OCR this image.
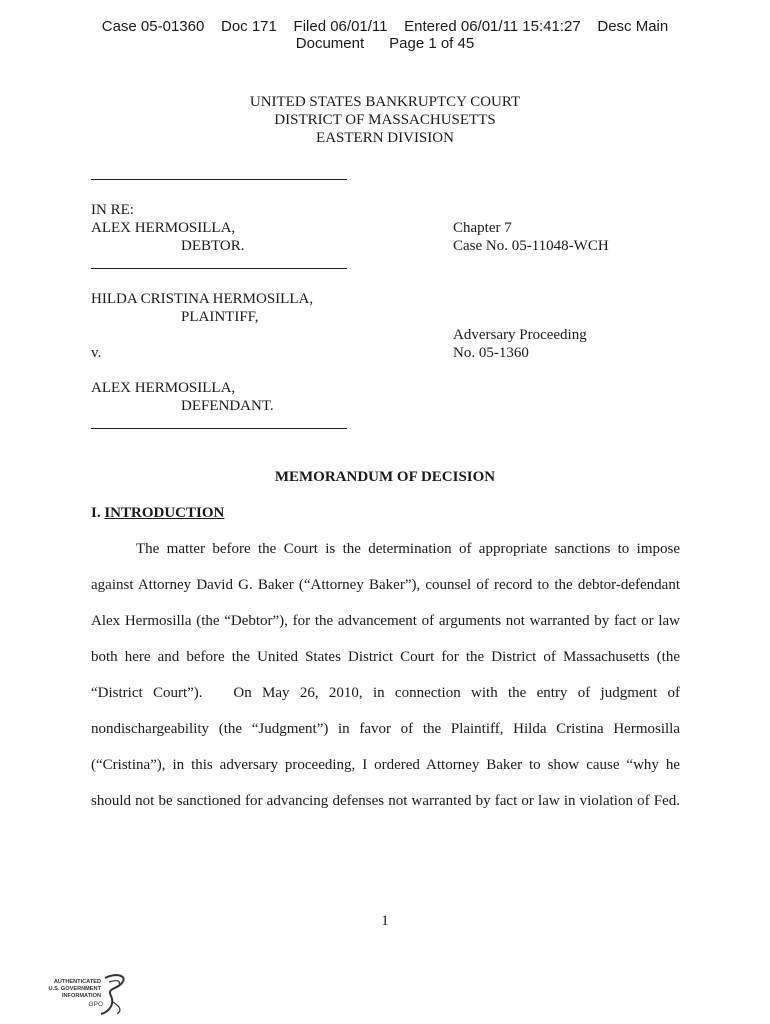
Case 05-01360    Doc 171    Filed 06/01/11    Entered 06/01/11 15:41:27    Desc Main
Document      Page 1 of 45
UNITED STATES BANKRUPTCY COURT
DISTRICT OF MASSACHUSETTS
EASTERN DIVISION
IN RE:
ALEX HERMOSILLA,
DEBTOR.
Chapter 7
Case No. 05-11048-WCH
HILDA CRISTINA HERMOSILLA,
PLAINTIFF,
Adversary Proceeding
v.	No. 05-1360
ALEX HERMOSILLA,
DEFENDANT.
MEMORANDUM OF DECISION
I. INTRODUCTION
The matter before the Court is the determination of appropriate sanctions to impose
against Attorney David G. Baker (“Attorney Baker”), counsel of record to the debtor-defendant
Alex Hermosilla (the “Debtor”), for the advancement of arguments not warranted by fact or law
both here and before the United States District Court for the District of Massachusetts (the
“District Court”).   On May 26, 2010, in connection with the entry of judgment of
nondischargeability (the “Judgment”) in favor of the Plaintiff, Hilda Cristina Hermosilla
(“Cristina”), in this adversary proceeding, I ordered Attorney Baker to show cause “why he
should not be sanctioned for advancing defenses not warranted by fact or law in violation of Fed.
1
AUTHENTICATED
U.S. GOVERNMENT
INFORMATION
GPO
